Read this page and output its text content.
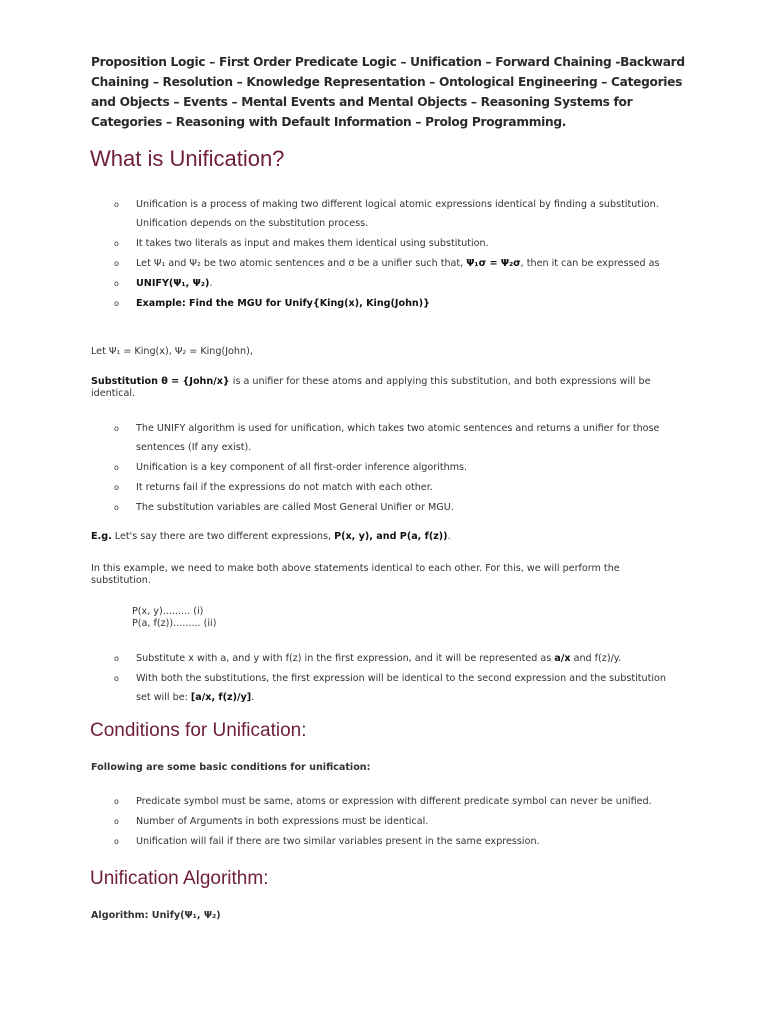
Proposition Logic – First Order Predicate Logic – Unification – Forward Chaining -Backward Chaining – Resolution – Knowledge Representation – Ontological Engineering – Categories and Objects – Events – Mental Events and Mental Objects – Reasoning Systems for Categories – Reasoning with Default Information – Prolog Programming.
What is Unification?
o Unification is a process of making two different logical atomic expressions identical by finding a substitution. Unification depends on the substitution process.
o It takes two literals as input and makes them identical using substitution.
o Let Ψ₁ and Ψ₂ be two atomic sentences and σ be a unifier such that, Ψ₁σ = Ψ₂σ, then it can be expressed as
o UNIFY(Ψ₁, Ψ₂).
o Example: Find the MGU for Unify{King(x), King(John)}

Let Ψ₁ = King(x), Ψ₂ = King(John),

Substitution θ = {John/x} is a unifier for these atoms and applying this substitution, and both expressions will be identical.

o The UNIFY algorithm is used for unification, which takes two atomic sentences and returns a unifier for those sentences (If any exist).
o Unification is a key component of all first-order inference algorithms.
o It returns fail if the expressions do not match with each other.
o The substitution variables are called Most General Unifier or MGU.

E.g. Let's say there are two different expressions, P(x, y), and P(a, f(z)).

In this example, we need to make both above statements identical to each other. For this, we will perform the substitution.

P(x, y)......... (i)

P(a, f(z))......... (ii)

o Substitute x with a, and y with f(z) in the first expression, and it will be represented as a/x and f(z)/y.
o With both the substitutions, the first expression will be identical to the second expression and the substitution set will be: [a/x, f(z)/y].
Conditions for Unification:

Following are some basic conditions for unification:

o Predicate symbol must be same, atoms or expression with different predicate symbol can never be unified.
o Number of Arguments in both expressions must be identical.
o Unification will fail if there are two similar variables present in the same expression.
Unification Algorithm:

Algorithm: Unify(Ψ₁, Ψ₂)
